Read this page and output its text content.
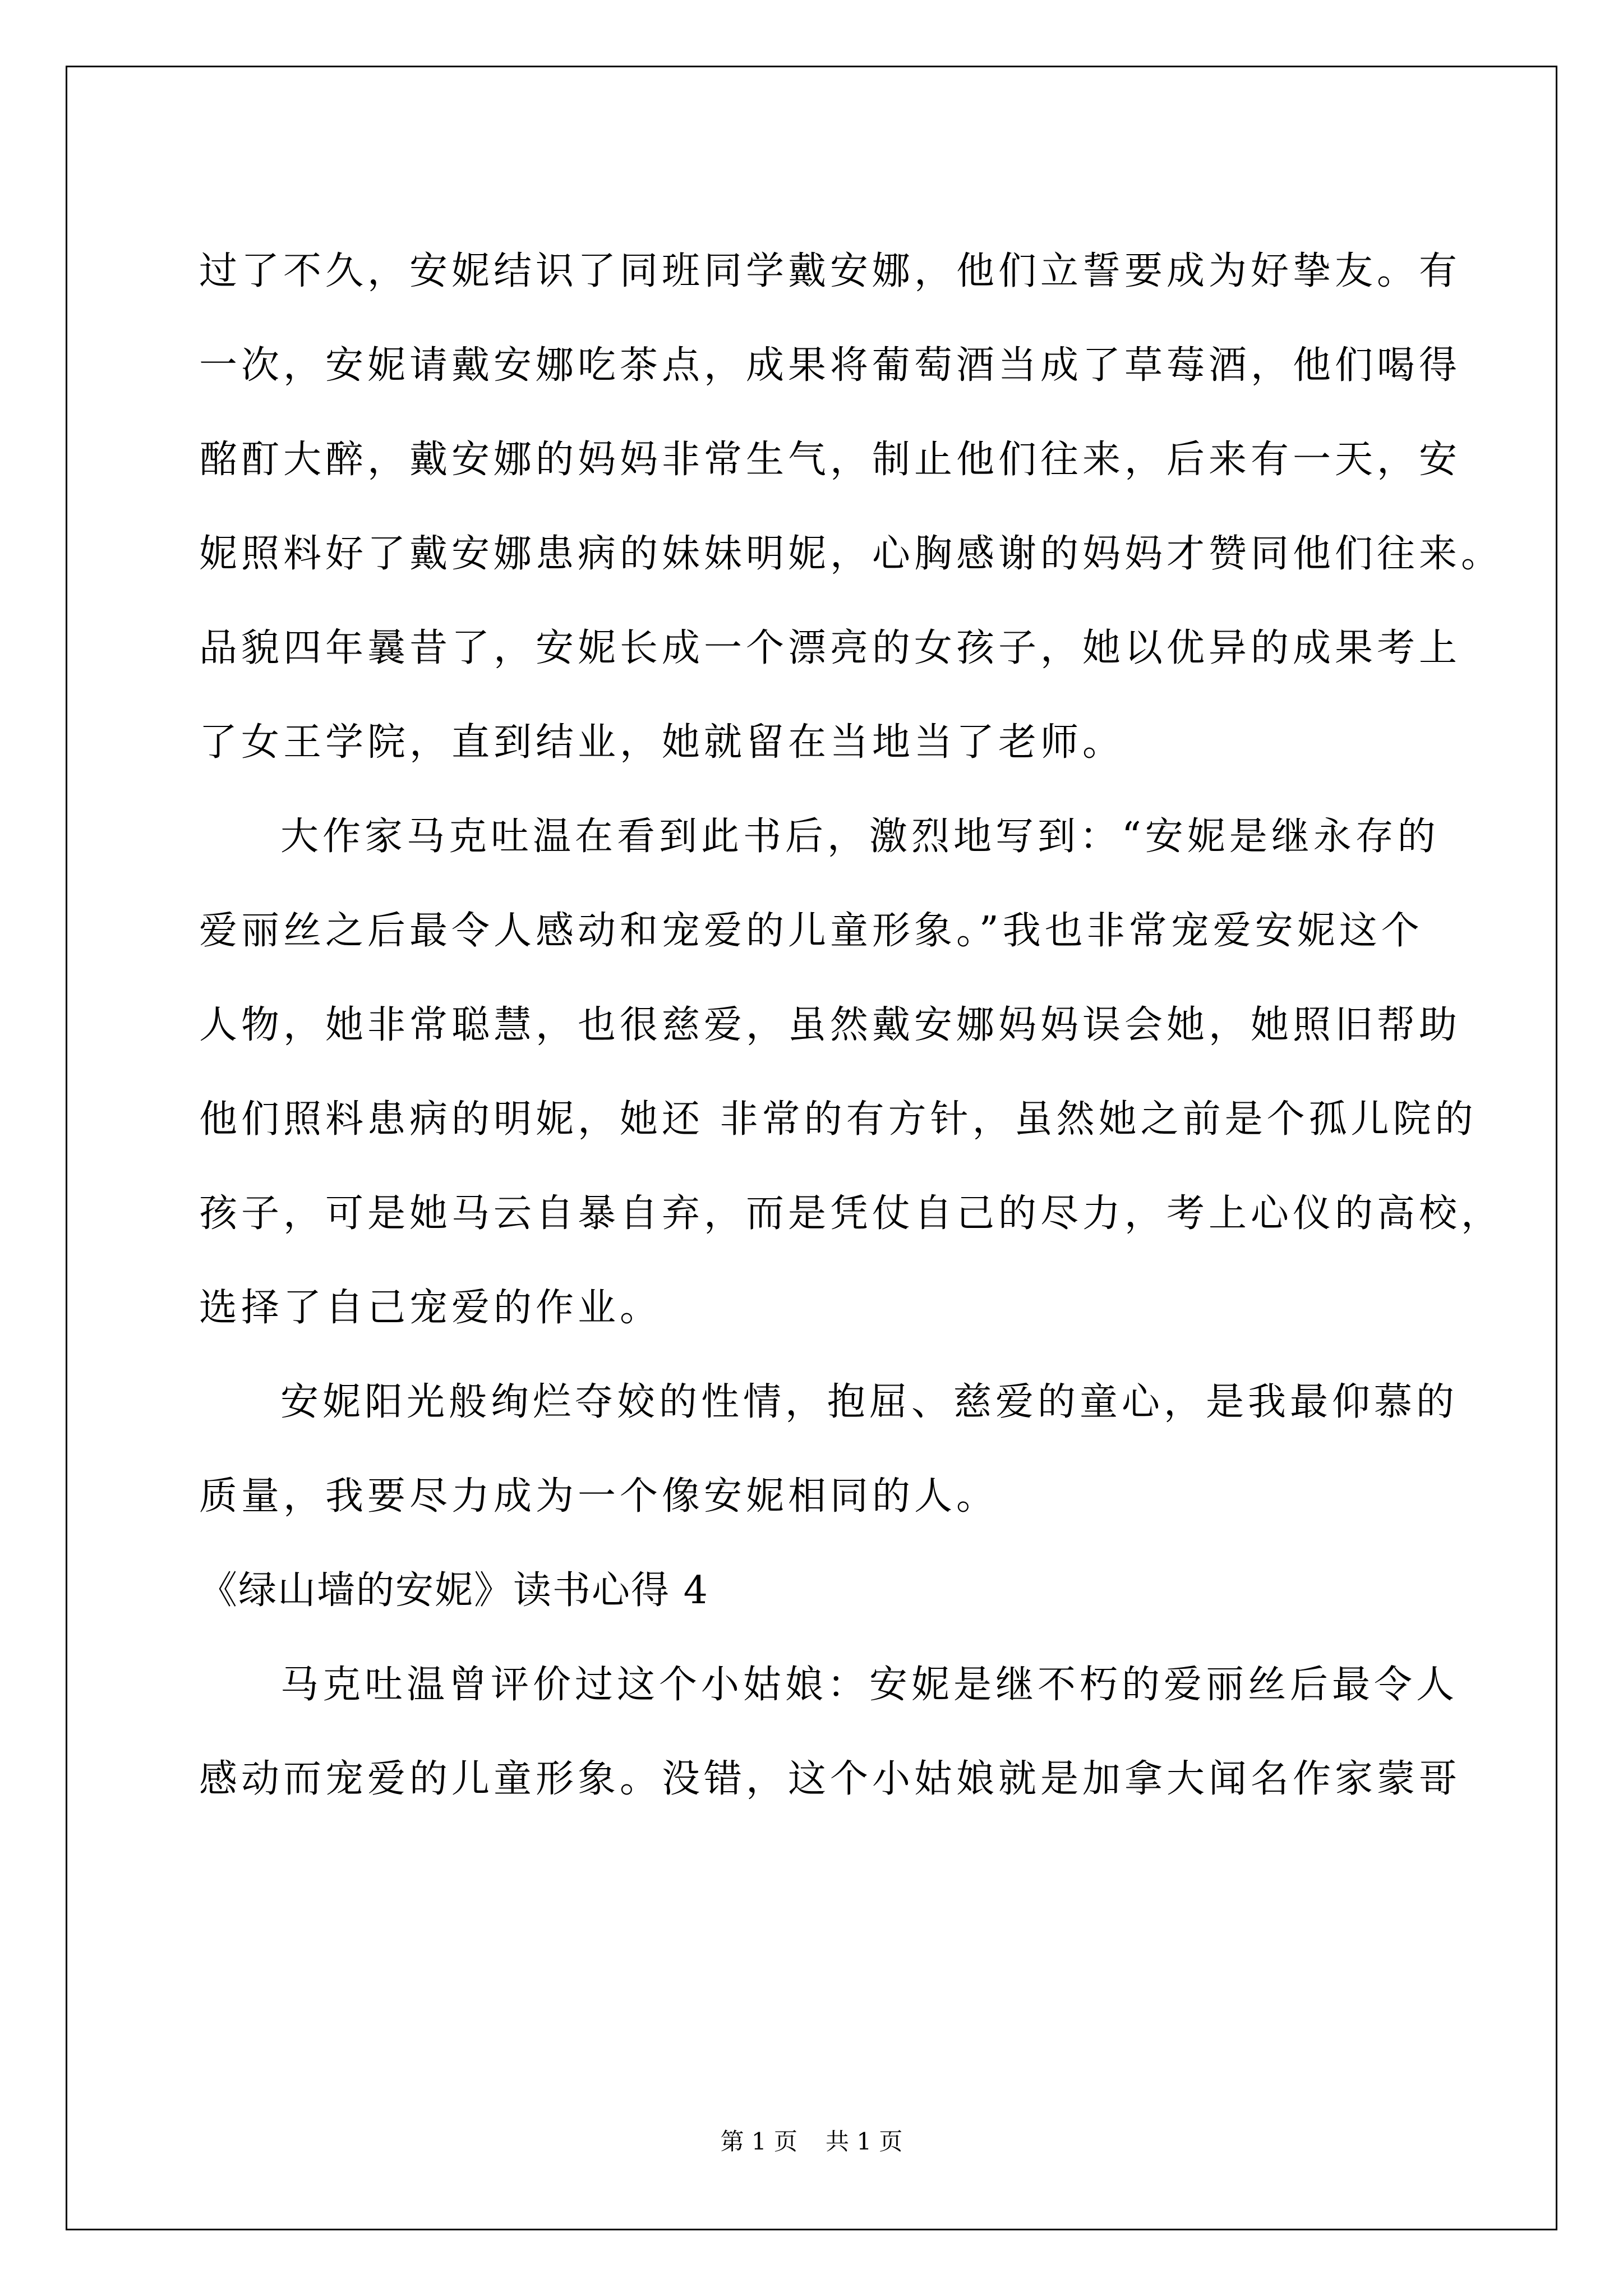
过了不久，安妮结识了同班同学戴安娜，他们立誓要成为好挚友。有
一次，安妮请戴安娜吃茶点，成果将葡萄酒当成了草莓酒，他们喝得
酩酊大醉，戴安娜的妈妈非常生气，制止他们往来，后来有一天，安
妮照料好了戴安娜患病的妹妹明妮，心胸感谢的妈妈才赞同他们往来。
品貌四年曩昔了，安妮长成一个漂亮的女孩子，她以优异的成果考上
了女王学院，直到结业，她就留在当地当了老师。
大作家马克吐温在看到此书后，激烈地写到：“安妮是继永存的
爱丽丝之后最令人感动和宠爱的儿童形象。”我也非常宠爱安妮这个
人物，她非常聪慧，也很慈爱，虽然戴安娜妈妈误会她，她照旧帮助
他们照料患病的明妮，她还 非常的有方针，虽然她之前是个孤儿院的
孩子，可是她马云自暴自弃，而是凭仗自己的尽力，考上心仪的高校，
选择了自己宠爱的作业。
安妮阳光般绚烂夺姣的性情，抱屈、慈爱的童心，是我最仰慕的
质量，我要尽力成为一个像安妮相同的人。
《绿山墙的安妮》读书心得 4
马克吐温曾评价过这个小姑娘：安妮是继不朽的爱丽丝后最令人
感动而宠爱的儿童形象。没错，这个小姑娘就是加拿大闻名作家蒙哥
第 1 页 共 1 页
